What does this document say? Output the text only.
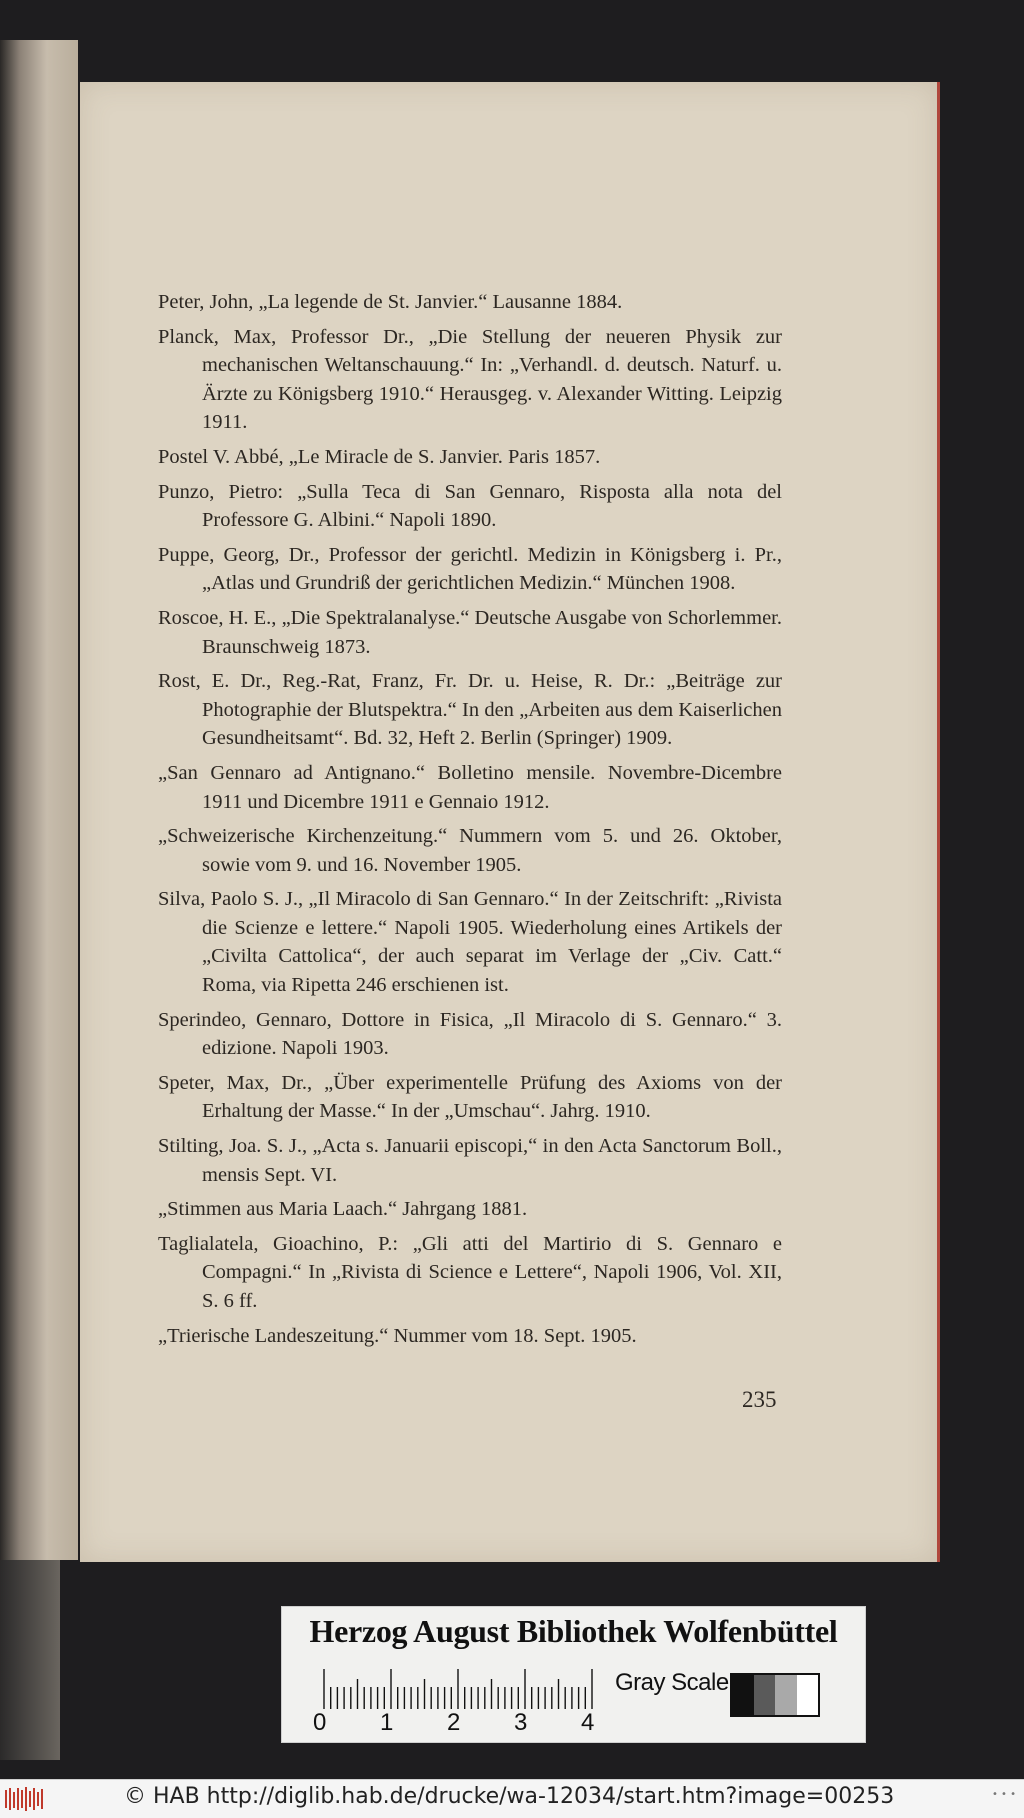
Peter, John, „La legende de St. Janvier.“ Lausanne 1884.
Planck, Max, Professor Dr., „Die Stellung der neueren Physik zur mechanischen Weltanschauung.“ In: „Verhandl. d. deutsch. Naturf. u. Ärzte zu Königsberg 1910.“ Herausgeg. v. Alexander Witting. Leipzig 1911.
Postel V. Abbé, „Le Miracle de S. Janvier. Paris 1857.
Punzo, Pietro: „Sulla Teca di San Gennaro, Risposta alla nota del Professore G. Albini.“ Napoli 1890.
Puppe, Georg, Dr., Professor der gerichtl. Medizin in Königsberg i. Pr., „Atlas und Grundriß der gerichtlichen Medizin.“ München 1908.
Roscoe, H. E., „Die Spektralanalyse.“ Deutsche Ausgabe von Schorlemmer. Braunschweig 1873.
Rost, E. Dr., Reg.-Rat, Franz, Fr. Dr. u. Heise, R. Dr.: „Beiträge zur Photographie der Blutspektra.“ In den „Arbeiten aus dem Kaiserlichen Gesundheitsamt“. Bd. 32, Heft 2. Berlin (Springer) 1909.
„San Gennaro ad Antignano.“ Bolletino mensile. Novembre-Dicembre 1911 und Dicembre 1911 e Gennaio 1912.
„Schweizerische Kirchenzeitung.“ Nummern vom 5. und 26. Oktober, sowie vom 9. und 16. November 1905.
Silva, Paolo S. J., „Il Miracolo di San Gennaro.“ In der Zeitschrift: „Rivista die Scienze e lettere.“ Napoli 1905. Wiederholung eines Artikels der „Civilta Cattolica“, der auch separat im Verlage der „Civ. Catt.“ Roma, via Ripetta 246 erschienen ist.
Sperindeo, Gennaro, Dottore in Fisica, „Il Miracolo di S. Gennaro.“ 3. edizione. Napoli 1903.
Speter, Max, Dr., „Über experimentelle Prüfung des Axioms von der Erhaltung der Masse.“ In der „Umschau“. Jahrg. 1910.
Stilting, Joa. S. J., „Acta s. Januarii episcopi,“ in den Acta Sanctorum Boll., mensis Sept. VI.
„Stimmen aus Maria Laach.“ Jahrgang 1881.
Taglialatela, Gioachino, P.: „Gli atti del Martirio di S. Gennaro e Compagni.“ In „Rivista di Science e Lettere“, Napoli 1906, Vol. XII, S. 6 ff.
„Trierische Landeszeitung.“ Nummer vom 18. Sept. 1905.
235
Herzog August Bibliothek Wolfenbüttel
0 1 2 3 4
Gray Scale
© HAB http://diglib.hab.de/drucke/wa-12034/start.htm?image=00253	• • •
